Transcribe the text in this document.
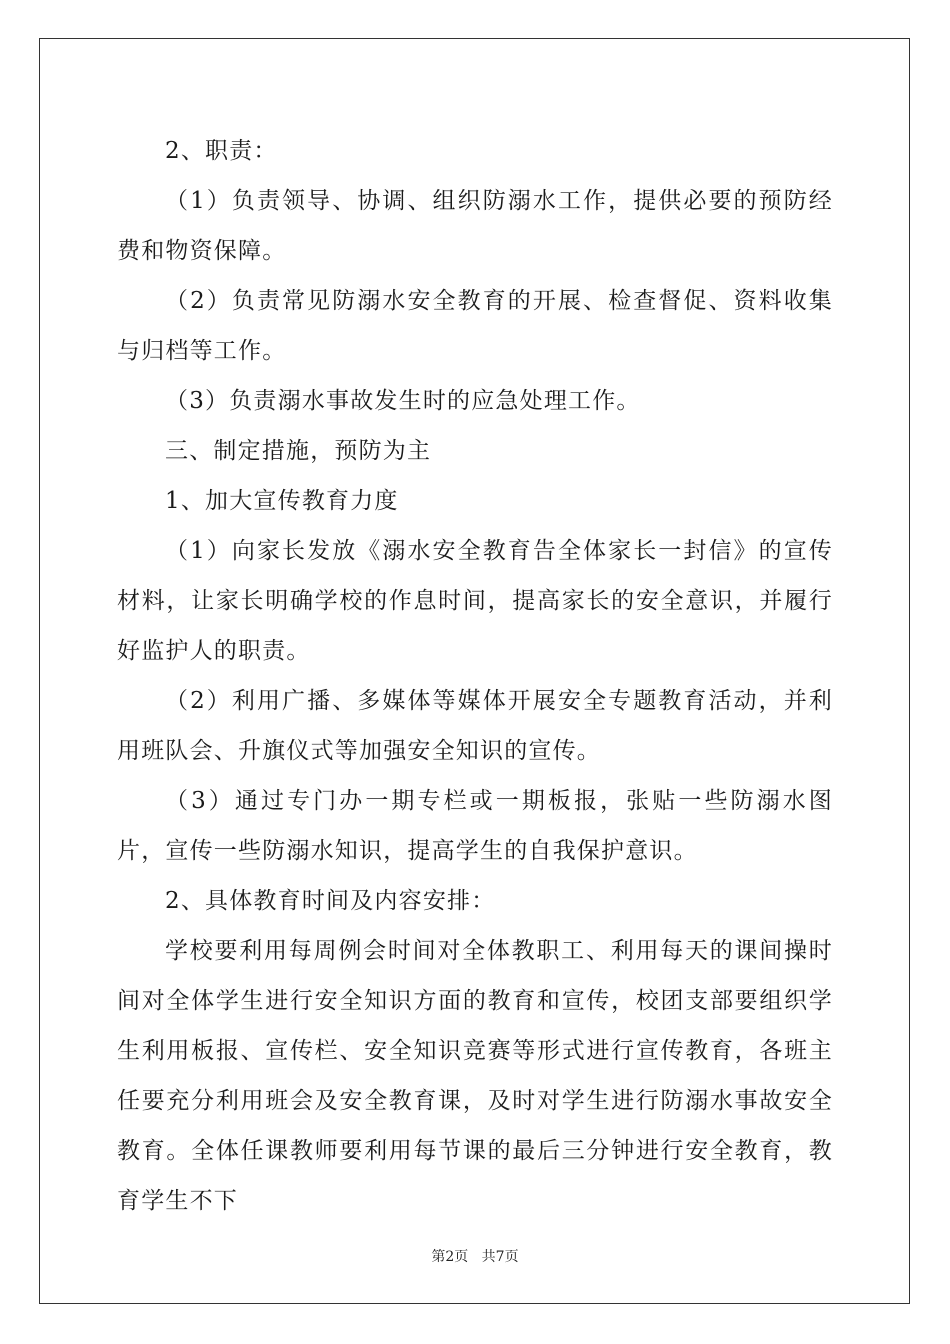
2、职责：

（1）负责领导、协调、组织防溺水工作，提供必要的预防经费和物资保障。

（2）负责常见防溺水安全教育的开展、检查督促、资料收集与归档等工作。

（3）负责溺水事故发生时的应急处理工作。

三、制定措施，预防为主

1、加大宣传教育力度

（1）向家长发放《溺水安全教育告全体家长一封信》的宣传材料，让家长明确学校的作息时间，提高家长的安全意识，并履行好监护人的职责。

（2）利用广播、多媒体等媒体开展安全专题教育活动，并利用班队会、升旗仪式等加强安全知识的宣传。

（3）通过专门办一期专栏或一期板报，张贴一些防溺水图片，宣传一些防溺水知识，提高学生的自我保护意识。

2、具体教育时间及内容安排：

学校要利用每周例会时间对全体教职工、利用每天的课间操时间对全体学生进行安全知识方面的教育和宣传，校团支部要组织学生利用板报、宣传栏、安全知识竞赛等形式进行宣传教育，各班主任要充分利用班会及安全教育课，及时对学生进行防溺水事故安全教育。全体任课教师要利用每节课的最后三分钟进行安全教育，教育学生不下

第2页 共7页
